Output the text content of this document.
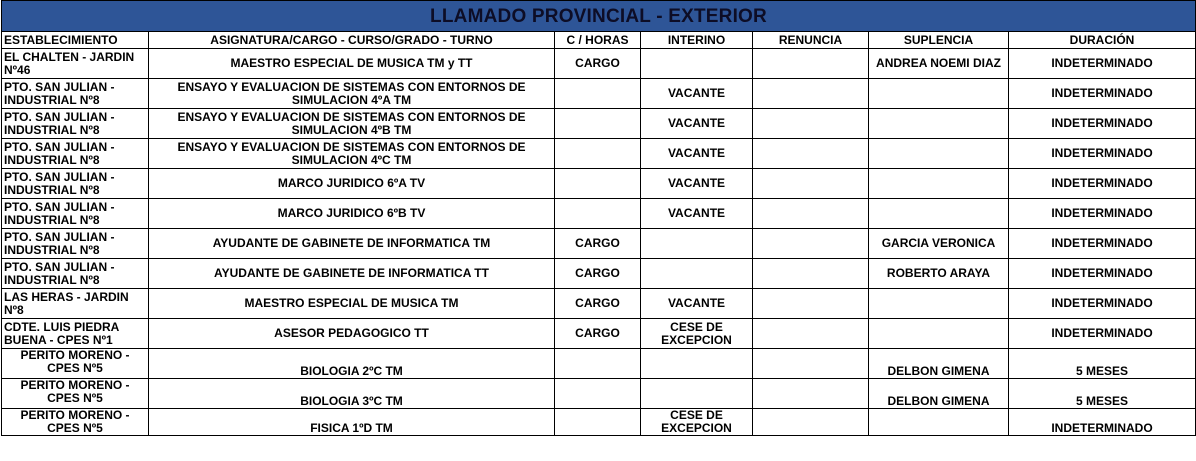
LLAMADO PROVINCIAL - EXTERIOR						
ESTABLECIMIENTO	ASIGNATURA/CARGO - CURSO/GRADO - TURNO	C / HORAS	INTERINO	RENUNCIA	SUPLENCIA	DURACIÓN
EL CHALTEN - JARDIN Nº46	MAESTRO ESPECIAL DE MUSICA TM y TT	CARGO			ANDREA NOEMI DIAZ	INDETERMINADO
PTO. SAN JULIAN - INDUSTRIAL Nº8	ENSAYO Y EVALUACION DE SISTEMAS CON ENTORNOS DE SIMULACION 4ºA TM		VACANTE			INDETERMINADO
PTO. SAN JULIAN - INDUSTRIAL Nº8	ENSAYO Y EVALUACION DE SISTEMAS CON ENTORNOS DE SIMULACION 4ºB TM		VACANTE			INDETERMINADO
PTO. SAN JULIAN - INDUSTRIAL Nº8	ENSAYO Y EVALUACION DE SISTEMAS CON ENTORNOS DE SIMULACION 4ºC TM		VACANTE			INDETERMINADO
PTO. SAN JULIAN - INDUSTRIAL Nº8	MARCO JURIDICO 6ºA TV		VACANTE			INDETERMINADO
PTO. SAN JULIAN - INDUSTRIAL Nº8	MARCO JURIDICO 6ºB TV		VACANTE			INDETERMINADO
PTO. SAN JULIAN - INDUSTRIAL Nº8	AYUDANTE DE GABINETE DE INFORMATICA TM	CARGO			GARCIA VERONICA	INDETERMINADO
PTO. SAN JULIAN - INDUSTRIAL Nº8	AYUDANTE DE GABINETE DE INFORMATICA TT	CARGO			ROBERTO ARAYA	INDETERMINADO
LAS HERAS - JARDIN Nº8	MAESTRO ESPECIAL DE MUSICA TM	CARGO	VACANTE			INDETERMINADO
CDTE. LUIS PIEDRA BUENA - CPES Nº1	ASESOR PEDAGOGICO TT	CARGO	CESE DE EXCEPCION			INDETERMINADO
PERITO MORENO - CPES Nº5	BIOLOGIA 2ºC TM				DELBON GIMENA	5 MESES
PERITO MORENO - CPES Nº5	BIOLOGIA 3ºC TM				DELBON GIMENA	5 MESES
PERITO MORENO - CPES Nº5	FISICA 1ºD TM		CESE DE EXCEPCION			INDETERMINADO
